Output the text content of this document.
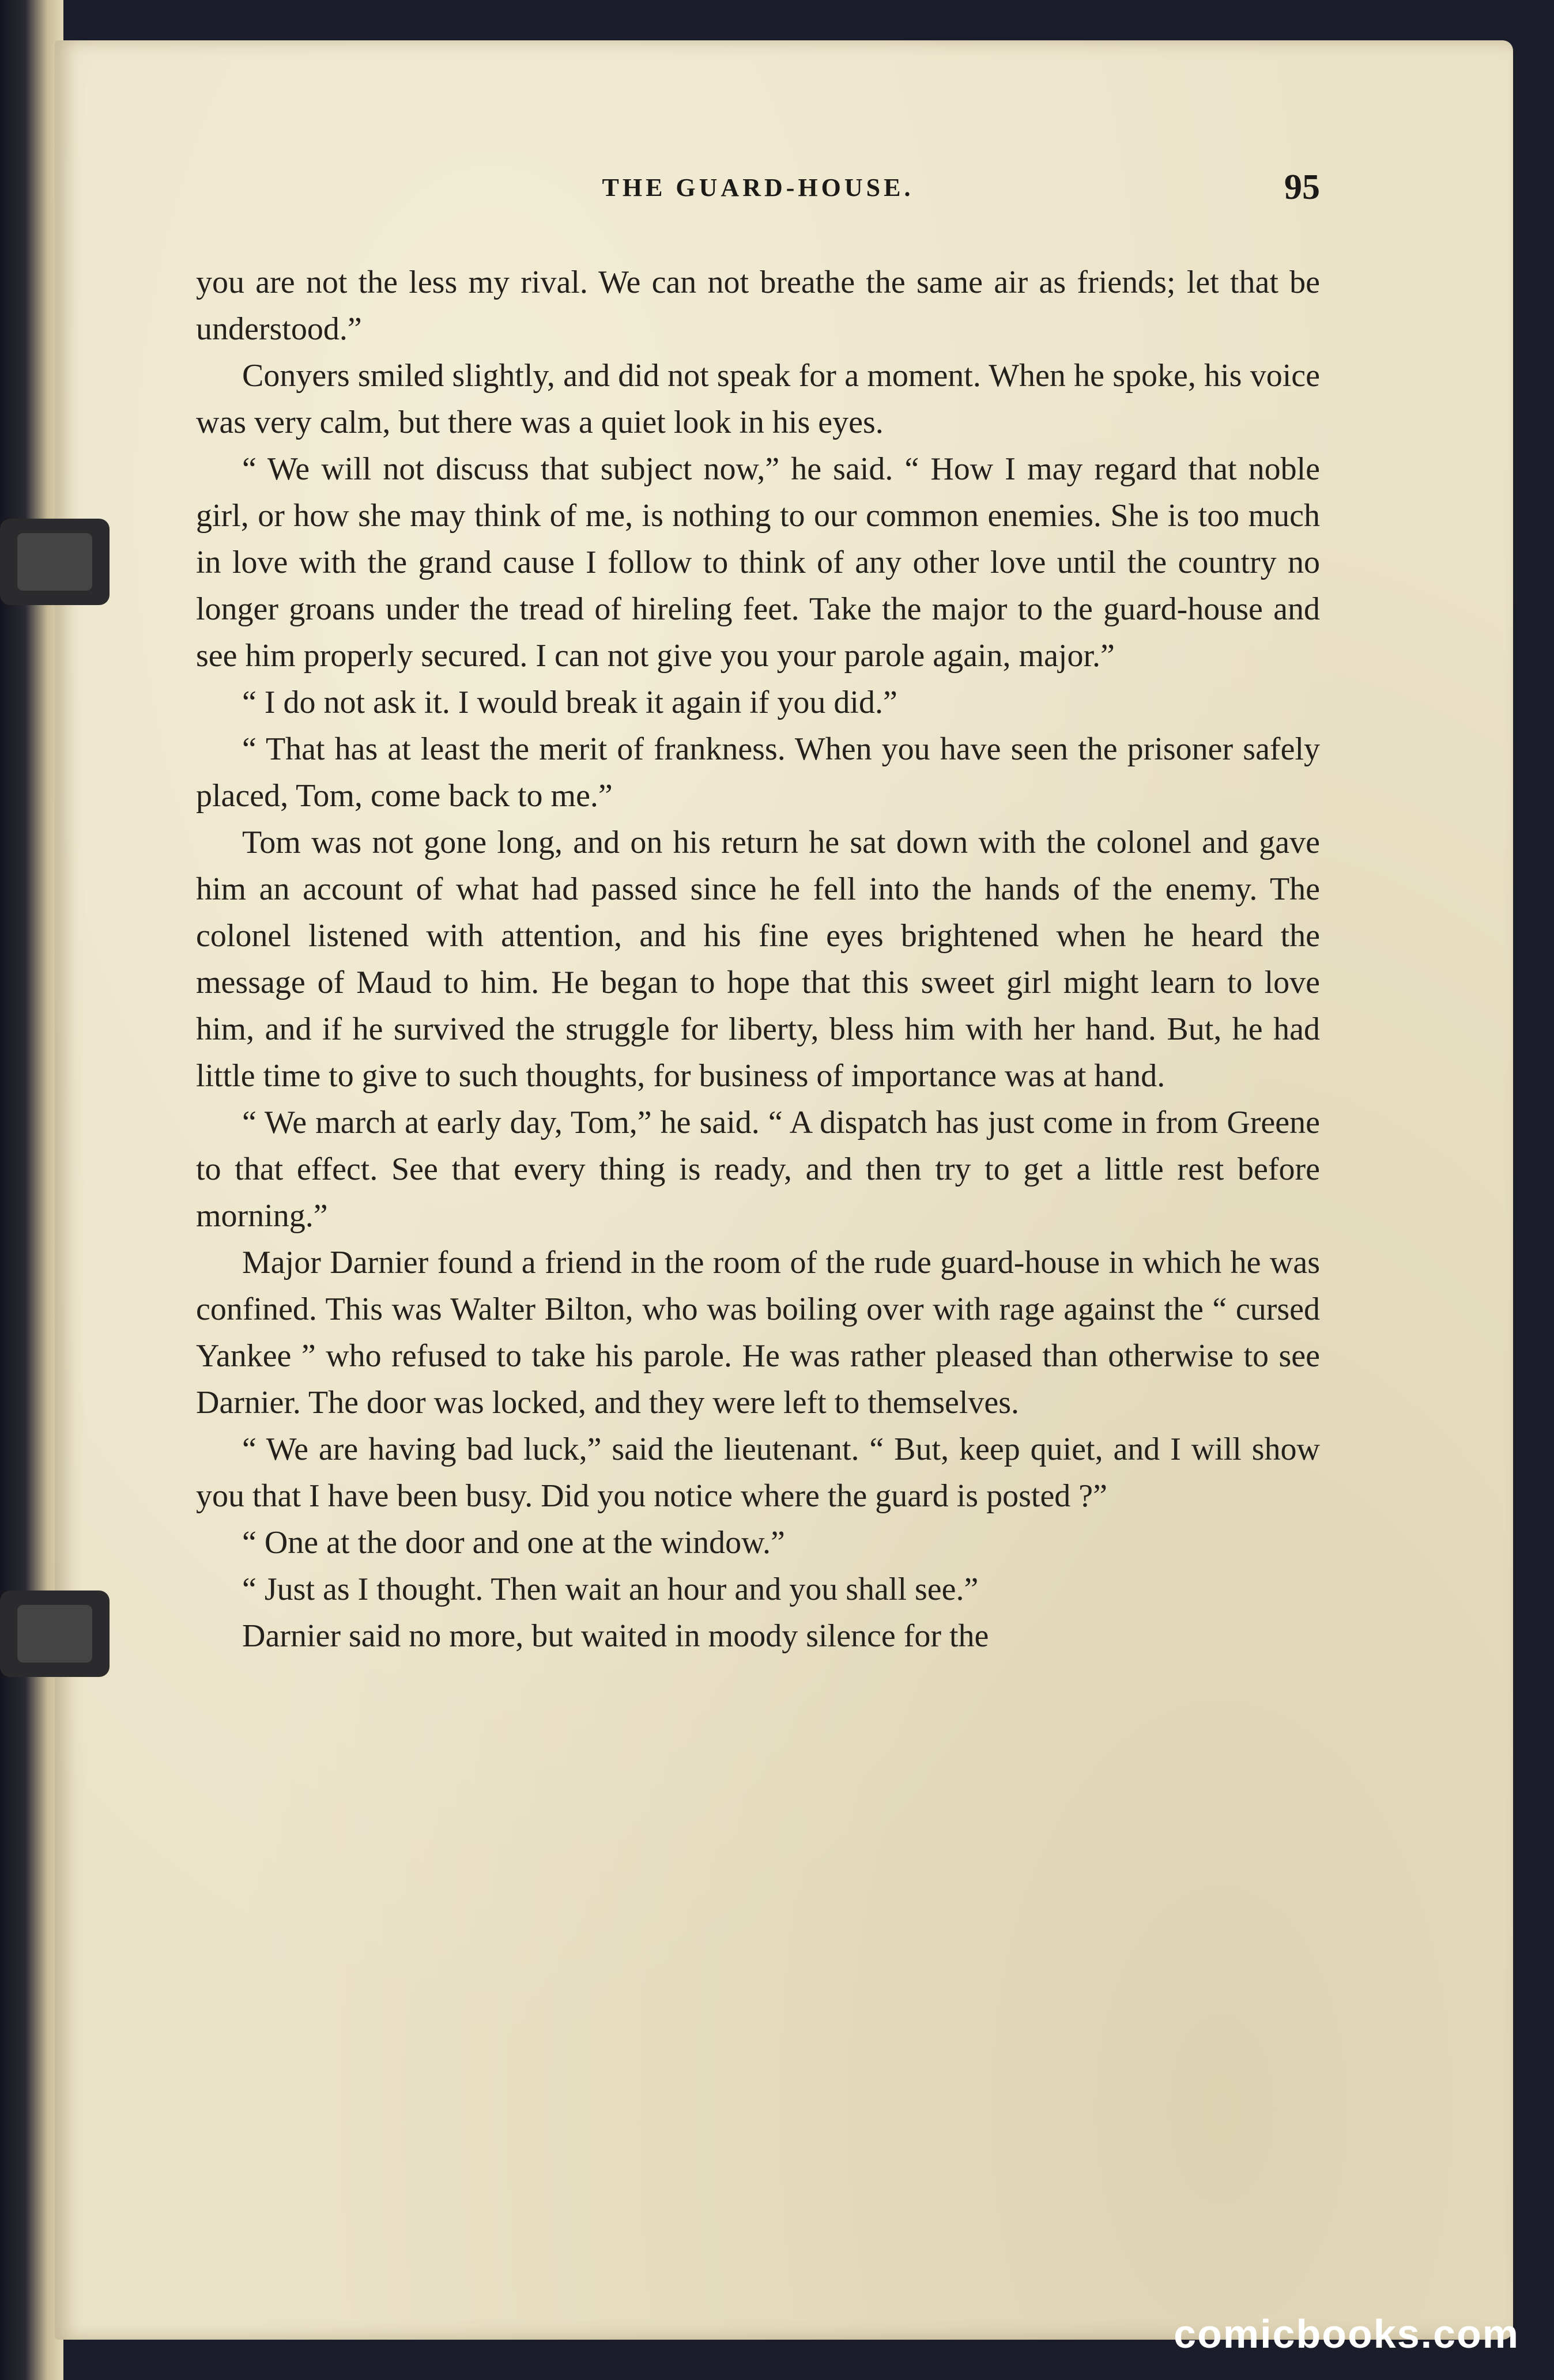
THE GUARD-HOUSE.	95

you are not the less my rival. We can not breathe the same air as friends; let that be understood.”

Conyers smiled slightly, and did not speak for a moment. When he spoke, his voice was very calm, but there was a quiet look in his eyes.

“ We will not discuss that subject now,” he said. “ How I may regard that noble girl, or how she may think of me, is nothing to our common enemies. She is too much in love with the grand cause I follow to think of any other love until the country no longer groans under the tread of hireling feet. Take the major to the guard-house and see him properly secured. I can not give you your parole again, major.”

“ I do not ask it. I would break it again if you did.”

“ That has at least the merit of frankness. When you have seen the prisoner safely placed, Tom, come back to me.”

Tom was not gone long, and on his return he sat down with the colonel and gave him an account of what had passed since he fell into the hands of the enemy. The colonel listened with attention, and his fine eyes brightened when he heard the message of Maud to him. He began to hope that this sweet girl might learn to love him, and if he survived the struggle for liberty, bless him with her hand. But, he had little time to give to such thoughts, for business of importance was at hand.

“ We march at early day, Tom,” he said. “ A dispatch has just come in from Greene to that effect. See that every thing is ready, and then try to get a little rest before morning.”

Major Darnier found a friend in the room of the rude guard-house in which he was confined. This was Walter Bilton, who was boiling over with rage against the “ cursed Yankee ” who refused to take his parole. He was rather pleased than otherwise to see Darnier. The door was locked, and they were left to themselves.

“ We are having bad luck,” said the lieutenant. “ But, keep quiet, and I will show you that I have been busy. Did you notice where the guard is posted ?”

“ One at the door and one at the window.”

“ Just as I thought. Then wait an hour and you shall see.”

Darnier said no more, but waited in moody silence for the

comicbooks.com
